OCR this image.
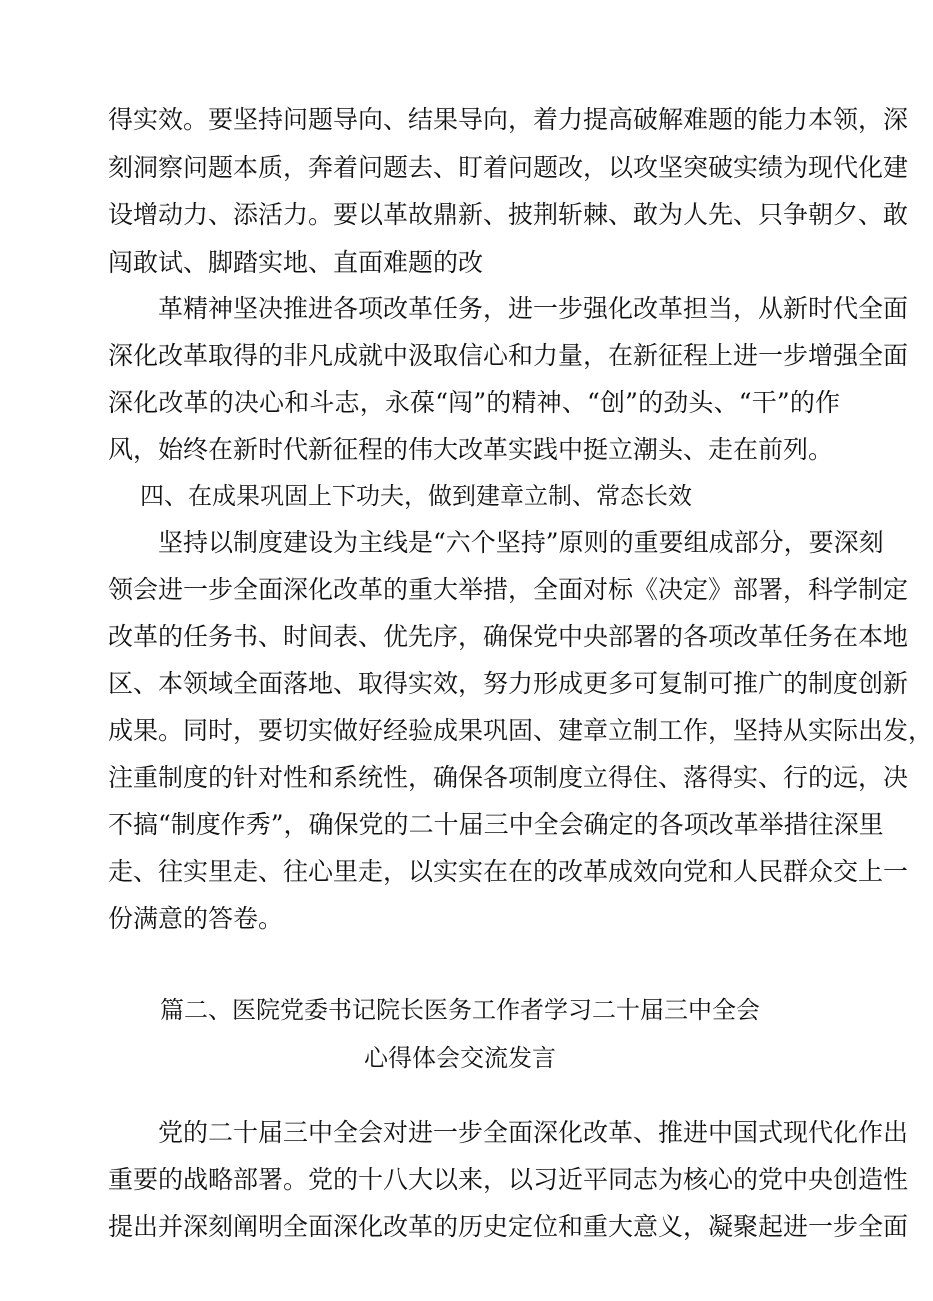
得实效。要坚持问题导向、结果导向，着力提高破解难题的能力本领，深
刻洞察问题本质，奔着问题去、盯着问题改，以攻坚突破实绩为现代化建
设增动力、添活力。要以革故鼎新、披荆斩棘、敢为人先、只争朝夕、敢
闯敢试、脚踏实地、直面难题的改
革精神坚决推进各项改革任务，进一步强化改革担当，从新时代全面
深化改革取得的非凡成就中汲取信心和力量，在新征程上进一步增强全面
深化改革的决心和斗志，永葆“闯”的精神、“创”的劲头、“干”的作
风，始终在新时代新征程的伟大改革实践中挺立潮头、走在前列。
四、在成果巩固上下功夫，做到建章立制、常态长效
坚持以制度建设为主线是“六个坚持”原则的重要组成部分，要深刻
领会进一步全面深化改革的重大举措，全面对标《决定》部署，科学制定
改革的任务书、时间表、优先序，确保党中央部署的各项改革任务在本地
区、本领域全面落地、取得实效，努力形成更多可复制可推广的制度创新
成果。同时，要切实做好经验成果巩固、建章立制工作，坚持从实际出发，
注重制度的针对性和系统性，确保各项制度立得住、落得实、行的远，决
不搞“制度作秀”，确保党的二十届三中全会确定的各项改革举措往深里
走、往实里走、往心里走，以实实在在的改革成效向党和人民群众交上一
份满意的答卷。
篇二、医院党委书记院长医务工作者学习二十届三中全会
心得体会交流发言
党的二十届三中全会对进一步全面深化改革、推进中国式现代化作出
重要的战略部署。党的十八大以来，以习近平同志为核心的党中央创造性
提出并深刻阐明全面深化改革的历史定位和重大意义，凝聚起进一步全面
